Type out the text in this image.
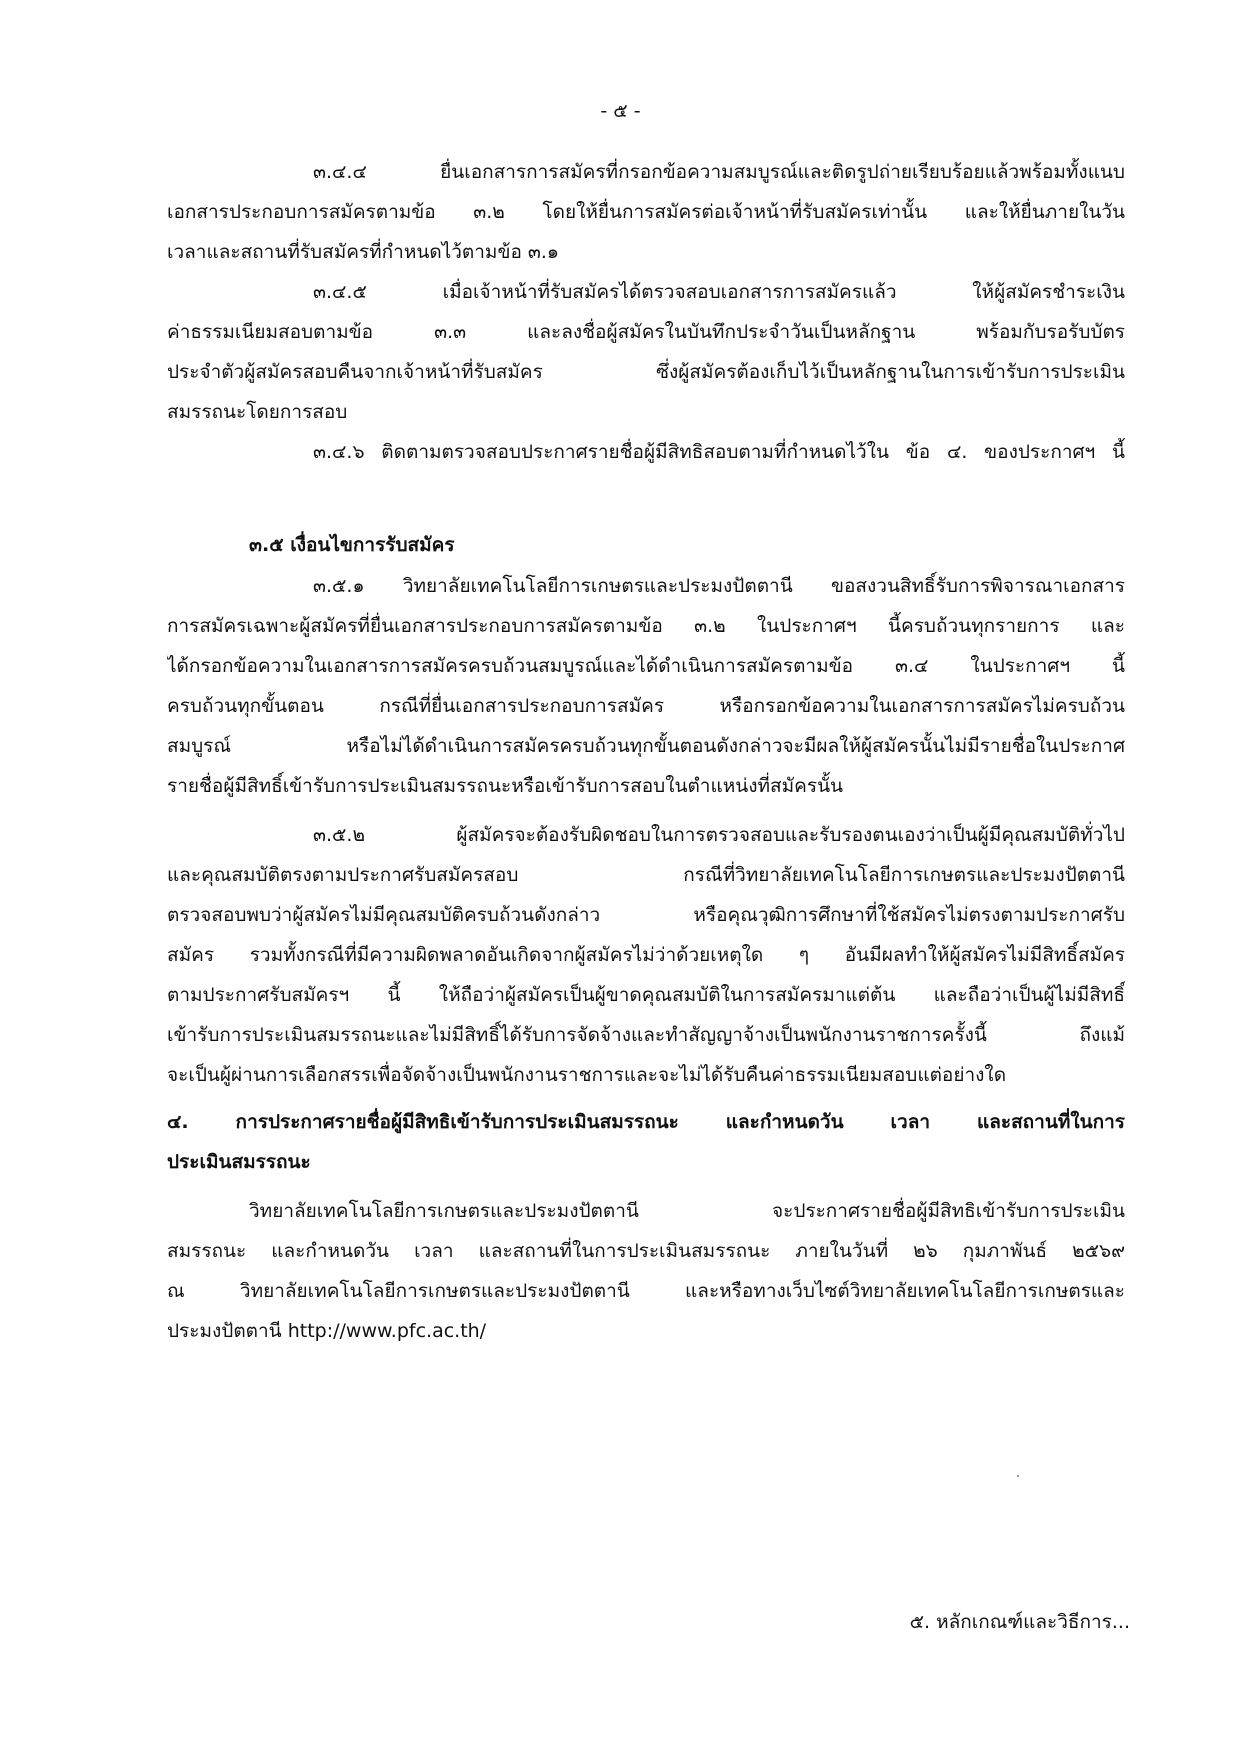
- ๕ -
๓.๔.๔ ยื่นเอกสารการสมัครที่กรอกข้อความสมบูรณ์และติดรูปถ่ายเรียบร้อยแล้วพร้อมทั้งแนบ
เอกสารประกอบการสมัครตามข้อ ๓.๒ โดยให้ยื่นการสมัครต่อเจ้าหน้าที่รับสมัครเท่านั้น และให้ยื่นภายในวัน
เวลาและสถานที่รับสมัครที่กำหนดไว้ตามข้อ ๓.๑
๓.๔.๕ เมื่อเจ้าหน้าที่รับสมัครได้ตรวจสอบเอกสารการสมัครแล้ว ให้ผู้สมัครชำระเงิน
ค่าธรรมเนียมสอบตามข้อ ๓.๓ และลงชื่อผู้สมัครในบันทึกประจำวันเป็นหลักฐาน พร้อมกับรอรับบัตร
ประจำตัวผู้สมัครสอบคืนจากเจ้าหน้าที่รับสมัคร ซึ่งผู้สมัครต้องเก็บไว้เป็นหลักฐานในการเข้ารับการประเมิน
สมรรถนะโดยการสอบ
๓.๔.๖ ติดตามตรวจสอบประกาศรายชื่อผู้มีสิทธิสอบตามที่กำหนดไว้ใน ข้อ ๔. ของประกาศฯ นี้
๓.๕ เงื่อนไขการรับสมัคร
๓.๕.๑ วิทยาลัยเทคโนโลยีการเกษตรและประมงปัตตานี ขอสงวนสิทธิ์รับการพิจารณาเอกสาร
การสมัครเฉพาะผู้สมัครที่ยื่นเอกสารประกอบการสมัครตามข้อ ๓.๒ ในประกาศฯ นี้ครบถ้วนทุกรายการ และ
ได้กรอกข้อความในเอกสารการสมัครครบถ้วนสมบูรณ์และได้ดำเนินการสมัครตามข้อ ๓.๔ ในประกาศฯ นี้
ครบถ้วนทุกขั้นตอน กรณีที่ยื่นเอกสารประกอบการสมัคร หรือกรอกข้อความในเอกสารการสมัครไม่ครบถ้วน
สมบูรณ์ หรือไม่ได้ดำเนินการสมัครครบถ้วนทุกขั้นตอนดังกล่าวจะมีผลให้ผู้สมัครนั้นไม่มีรายชื่อในประกาศ
รายชื่อผู้มีสิทธิ์เข้ารับการประเมินสมรรถนะหรือเข้ารับการสอบในตำแหน่งที่สมัครนั้น
๓.๕.๒ ผู้สมัครจะต้องรับผิดชอบในการตรวจสอบและรับรองตนเองว่าเป็นผู้มีคุณสมบัติทั่วไป
และคุณสมบัติตรงตามประกาศรับสมัครสอบ กรณีที่วิทยาลัยเทคโนโลยีการเกษตรและประมงปัตตานี
ตรวจสอบพบว่าผู้สมัครไม่มีคุณสมบัติครบถ้วนดังกล่าว หรือคุณวุฒิการศึกษาที่ใช้สมัครไม่ตรงตามประกาศรับ
สมัคร รวมทั้งกรณีที่มีความผิดพลาดอันเกิดจากผู้สมัครไม่ว่าด้วยเหตุใด ๆ อันมีผลทำให้ผู้สมัครไม่มีสิทธิ์สมัคร
ตามประกาศรับสมัครฯ นี้ ให้ถือว่าผู้สมัครเป็นผู้ขาดคุณสมบัติในการสมัครมาแต่ต้น และถือว่าเป็นผู้ไม่มีสิทธิ์
เข้ารับการประเมินสมรรถนะและไม่มีสิทธิ์ได้รับการจัดจ้างและทำสัญญาจ้างเป็นพนักงานราชการครั้งนี้ ถึงแม้
จะเป็นผู้ผ่านการเลือกสรรเพื่อจัดจ้างเป็นพนักงานราชการและจะไม่ได้รับคืนค่าธรรมเนียมสอบแต่อย่างใด
๔. การประกาศรายชื่อผู้มีสิทธิเข้ารับการประเมินสมรรถนะ และกำหนดวัน เวลา และสถานที่ในการ
ประเมินสมรรถนะ
วิทยาลัยเทคโนโลยีการเกษตรและประมงปัตตานี จะประกาศรายชื่อผู้มีสิทธิเข้ารับการประเมิน
สมรรถนะ และกำหนดวัน เวลา และสถานที่ในการประเมินสมรรถนะ ภายในวันที่ ๒๖ กุมภาพันธ์ ๒๕๖๙
ณ วิทยาลัยเทคโนโลยีการเกษตรและประมงปัตตานี และหรือทางเว็บไซต์วิทยาลัยเทคโนโลยีการเกษตรและ
ประมงปัตตานี http://www.pfc.ac.th/
๕. หลักเกณฑ์และวิธีการ...
